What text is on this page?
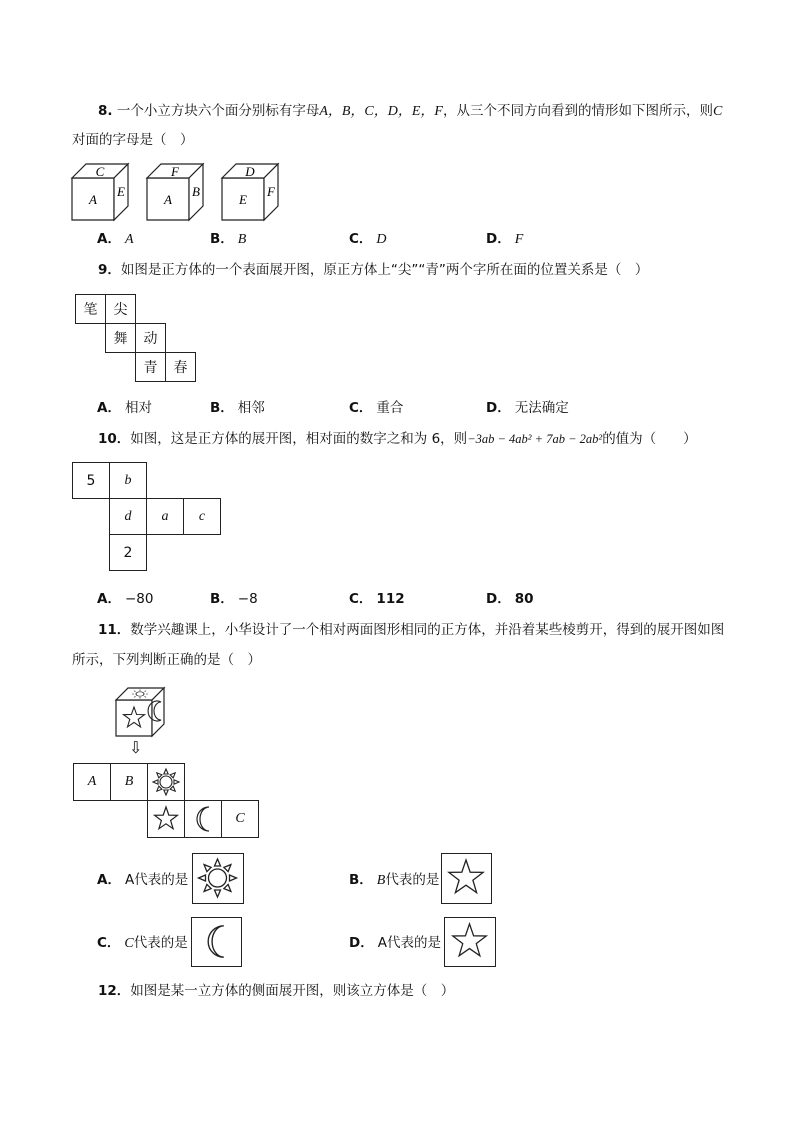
8. 一个小立方块六个面分别标有字母A，B，C，D，E，F，从三个不同方向看到的情形如下图所示，则C
对面的字母是（　）
C
A
E
F
A
B
D
E
F
A． A	B． B	C． D	D． F
9．如图是正方体的一个表面展开图，原正方体上“尖”“青”两个字所在面的位置关系是（　）
笔	尖
舞	动
青	春
A． 相对	B． 相邻	C． 重合	D． 无法确定
10．如图，这是正方体的展开图，相对面的数字之和为 6，则−3ab − 4ab² + 7ab − 2ab²的值为（　　）
5	b
d	a	c
2
A． −80	B． −8	C． 112	D． 80
11．数学兴趣课上，小华设计了一个相对两面图形相同的正方体，并沿着某些棱剪开，得到的展开图如图
所示，下列判断正确的是（　）
⇩
A	B
C
A． A代表的是	B． B代表的是
C． C代表的是	D． A代表的是
12．如图是某一立方体的侧面展开图，则该立方体是（　）
